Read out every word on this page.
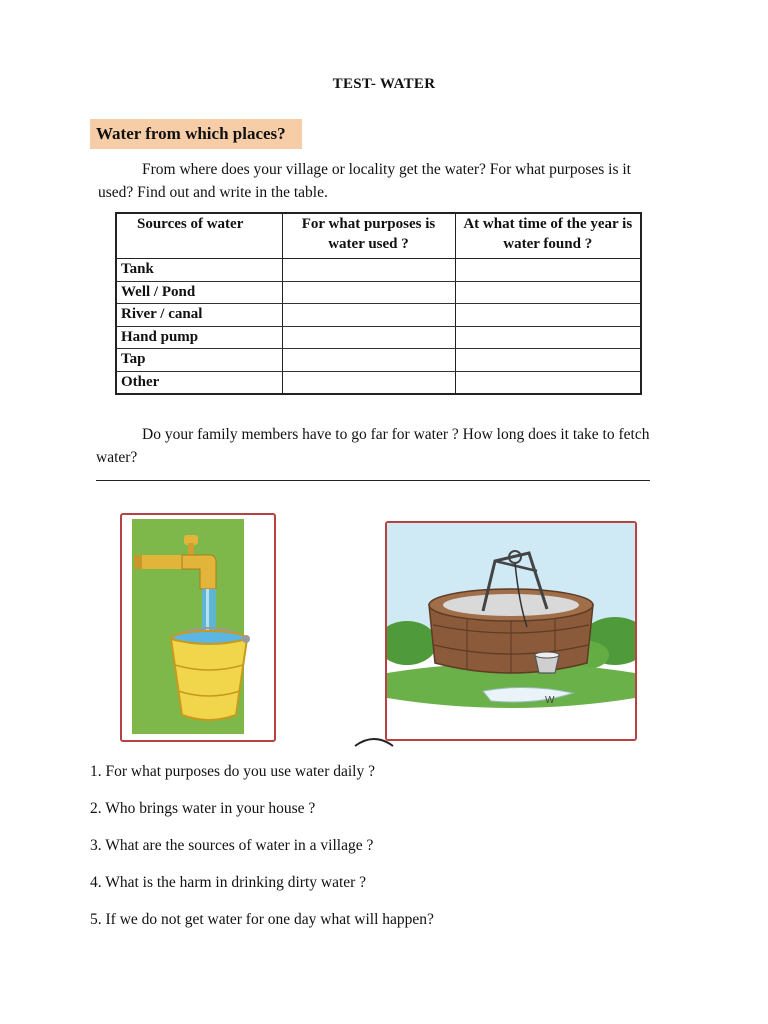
TEST- WATER
Water from which places?
From where does your village or locality get the water? For what purposes is it used? Find out and write in the table.
Sources of water	For what purposes is water used ?	At what time of the year is water found ?
Tank		
Well / Pond		
River / canal		
Hand pump		
Tap		
Other		
Do your family members have to go far for water ? How long does it take to fetch water?
W
1. For what purposes do you use water daily ?
2. Who brings water in your house ?
3. What are the sources of water in a village ?
4. What is the harm in drinking dirty water ?
5. If we do not get water for one day what will happen?
